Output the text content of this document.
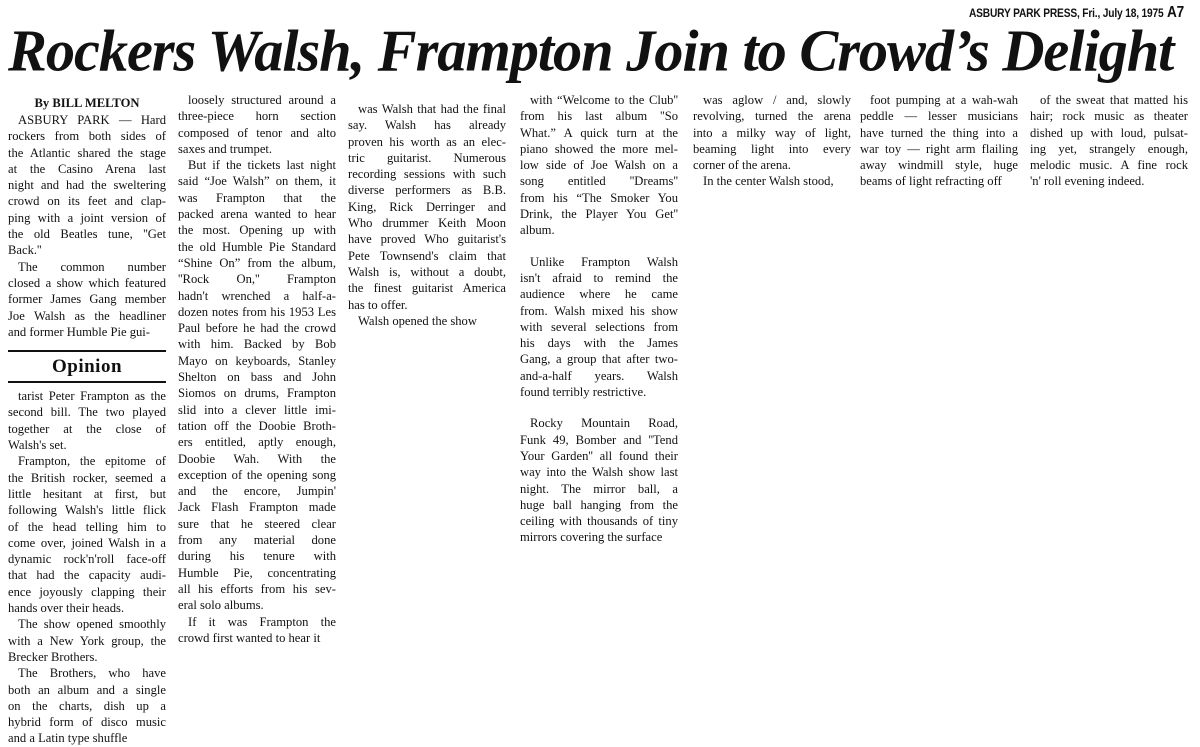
ASBURY PARK PRESS, Fri., July 18, 1975 A7
Rockers Walsh, Frampton Join to Crowd’s Delight
By BILL MELTON
ASBURY PARK — Hard
rockers from both sides of
the Atlantic shared the stage
at the Casino Arena last
night and had the sweltering
crowd on its feet and clap-
ping with a joint version of
the old Beatles tune, ''Get
Back.''
The common number
closed a show which featured
former James Gang member
Joe Walsh as the headliner
and former Humble Pie gui-
Opinion
tarist Peter Frampton as the
second bill. The two played
together at the close of
Walsh's set.
Frampton, the epitome of
the British rocker, seemed a
little hesitant at first, but
following Walsh's little flick
of the head telling him to
come over, joined Walsh in a
dynamic rock'n'roll face-off
that had the capacity audi-
ence joyously clapping their
hands over their heads.
The show opened smoothly
with a New York group, the
Brecker Brothers.
The Brothers, who have
both an album and a single
on the charts, dish up a
hybrid form of disco music
and a Latin type shuffle
loosely structured around a
three-piece horn section
composed of tenor and alto
saxes and trumpet.
But if the tickets last night
said “Joe Walsh” on them, it
was Frampton that the
packed arena wanted to hear
the most. Opening up with
the old Humble Pie Standard
“Shine On” from the album,
''Rock On,'' Frampton
hadn't wrenched a half-a-
dozen notes from his 1953 Les
Paul before he had the crowd
with him. Backed by Bob
Mayo on keyboards, Stanley
Shelton on bass and John
Siomos on drums, Frampton
slid into a clever little imi-
tation off the Doobie Broth-
ers entitled, aptly enough,
Doobie Wah. With the
exception of the opening song
and the encore, Jumpin'
Jack Flash Frampton made
sure that he steered clear
from any material done
during his tenure with
Humble Pie, concentrating
all his efforts from his sev-
eral solo albums.
If it was Frampton the
crowd first wanted to hear it
was Walsh that had the final
say. Walsh has already
proven his worth as an elec-
tric guitarist. Numerous
recording sessions with such
diverse performers as B.B.
King, Rick Derringer and
Who drummer Keith Moon
have proved Who guitarist's
Pete Townsend's claim that
Walsh is, without a doubt,
the finest guitarist America
has to offer.
Walsh opened the show
with “Welcome to the Club''
from his last album ''So
What.” A quick turn at the
piano showed the more mel-
low side of Joe Walsh on a
song entitled ''Dreams''
from his “The Smoker You
Drink, the Player You Get''
album.
Unlike Frampton Walsh
isn't afraid to remind the
audience where he came
from. Walsh mixed his show
with several selections from
his days with the James
Gang, a group that after two-
and-a-half years. Walsh
found terribly restrictive.
Rocky Mountain Road,
Funk 49, Bomber and ''Tend
Your Garden'' all found their
way into the Walsh show last
night. The mirror ball, a
huge ball hanging from the
ceiling with thousands of tiny
mirrors covering the surface
was aglow / and, slowly
revolving, turned the arena
into a milky way of light,
beaming light into every
corner of the arena.
In the center Walsh stood,
foot pumping at a wah-wah
peddle — lesser musicians
have turned the thing into a
war toy — right arm flailing
away windmill style, huge
beams of light refracting off
of the sweat that matted his
hair; rock music as theater
dished up with loud, pulsat-
ing yet, strangely enough,
melodic music. A fine rock
'n' roll evening indeed.
